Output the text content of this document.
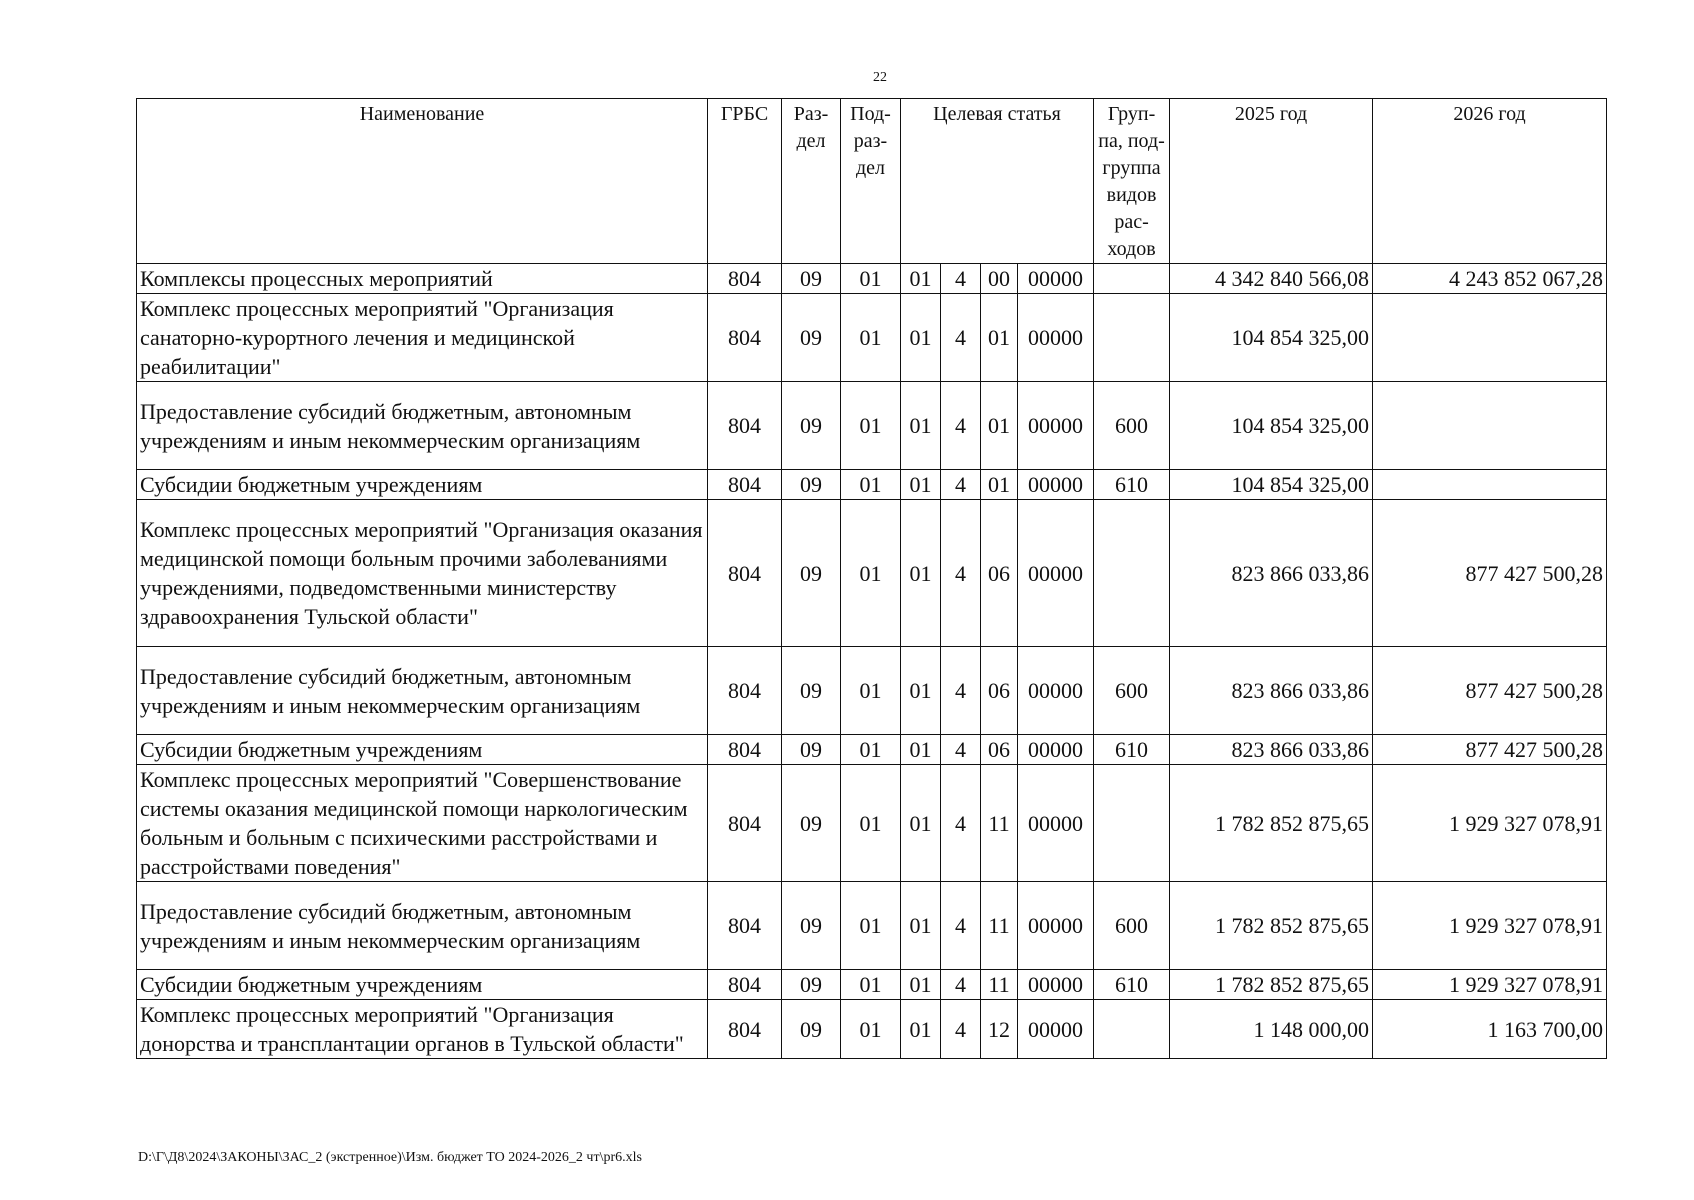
22
Наименование	ГРБС	Раз-дел	Под-раз-дел	Целевая статья				Груп-па, под-группа видов рас-ходов	2025 год	2026 год
Комплексы процессных мероприятий	804	09	01	01	4	00	00000		4 342 840 566,08	4 243 852 067,28
Комплекс процессных мероприятий "Организация санаторно-курортного лечения и медицинской реабилитации"	804	09	01	01	4	01	00000		104 854 325,00	
Предоставление субсидий бюджетным, автономным учреждениям и иным некоммерческим организациям	804	09	01	01	4	01	00000	600	104 854 325,00	
Субсидии бюджетным учреждениям	804	09	01	01	4	01	00000	610	104 854 325,00	
Комплекс процессных мероприятий "Организация оказания медицинской помощи больным прочими заболеваниями учреждениями, подведомственными министерству здравоохранения Тульской области"	804	09	01	01	4	06	00000		823 866 033,86	877 427 500,28
Предоставление субсидий бюджетным, автономным учреждениям и иным некоммерческим организациям	804	09	01	01	4	06	00000	600	823 866 033,86	877 427 500,28
Субсидии бюджетным учреждениям	804	09	01	01	4	06	00000	610	823 866 033,86	877 427 500,28
Комплекс процессных мероприятий "Совершенствование системы оказания медицинской помощи наркологическим больным и больным с психическими расстройствами и расстройствами поведения"	804	09	01	01	4	11	00000		1 782 852 875,65	1 929 327 078,91
Предоставление субсидий бюджетным, автономным учреждениям и иным некоммерческим организациям	804	09	01	01	4	11	00000	600	1 782 852 875,65	1 929 327 078,91
Субсидии бюджетным учреждениям	804	09	01	01	4	11	00000	610	1 782 852 875,65	1 929 327 078,91
Комплекс процессных мероприятий "Организация донорства и трансплантации органов в Тульской области"	804	09	01	01	4	12	00000		1 148 000,00	1 163 700,00
D:\Г\Д8\2024\ЗАКОНЫ\ЗАС_2 (экстренное)\Изм. бюджет ТО 2024-2026_2 чт\pr6.xls
